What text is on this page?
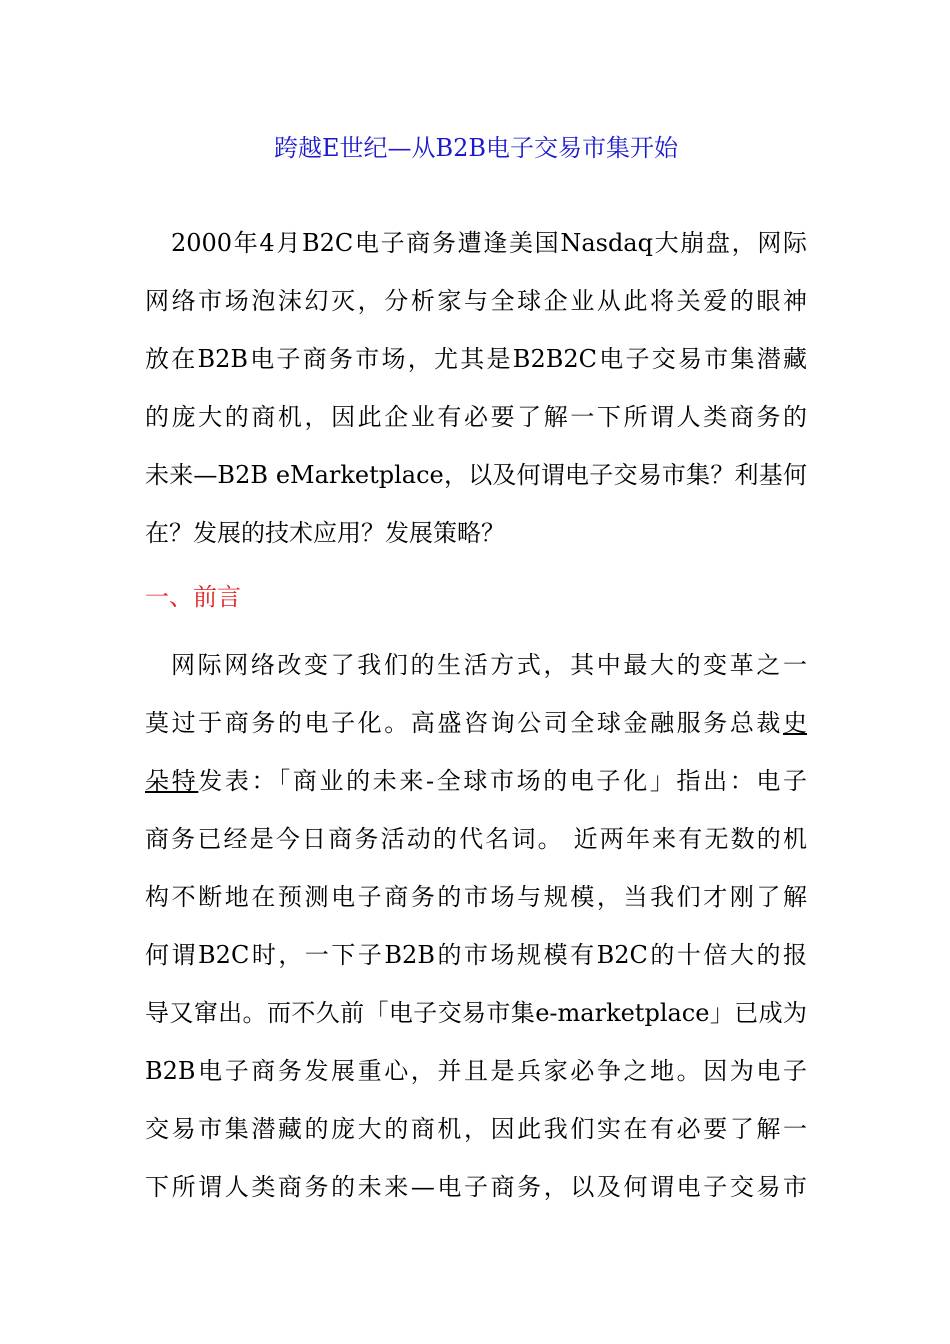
跨越E世纪—从B2B电子交易市集开始
2000年4月B2C电子商务遭逢美国Nasdaq大崩盘，网际
网络市场泡沫幻灭，分析家与全球企业从此将关爱的眼神
放在B2B电子商务市场，尤其是B2B2C电子交易市集潜藏
的庞大的商机，因此企业有必要了解一下所谓人类商务的
未来—B2B eMarketplace，以及何谓电子交易市集？利基何
在？发展的技术应用？发展策略？
一、前言
网际网络改变了我们的生活方式，其中最大的变革之一
莫过于商务的电子化。高盛咨询公司全球金融服务总裁史
朵特发表：「商业的未来-全球市场的电子化」指出：电子
商务已经是今日商务活动的代名词。 近两年来有无数的机
构不断地在预测电子商务的市场与规模，当我们才刚了解
何谓B2C时，一下子B2B的市场规模有B2C的十倍大的报
导又窜出。而不久前「电子交易市集e-marketplace」已成为
B2B电子商务发展重心，并且是兵家必争之地。因为电子
交易市集潜藏的庞大的商机，因此我们实在有必要了解一
下所谓人类商务的未来—电子商务，以及何谓电子交易市
